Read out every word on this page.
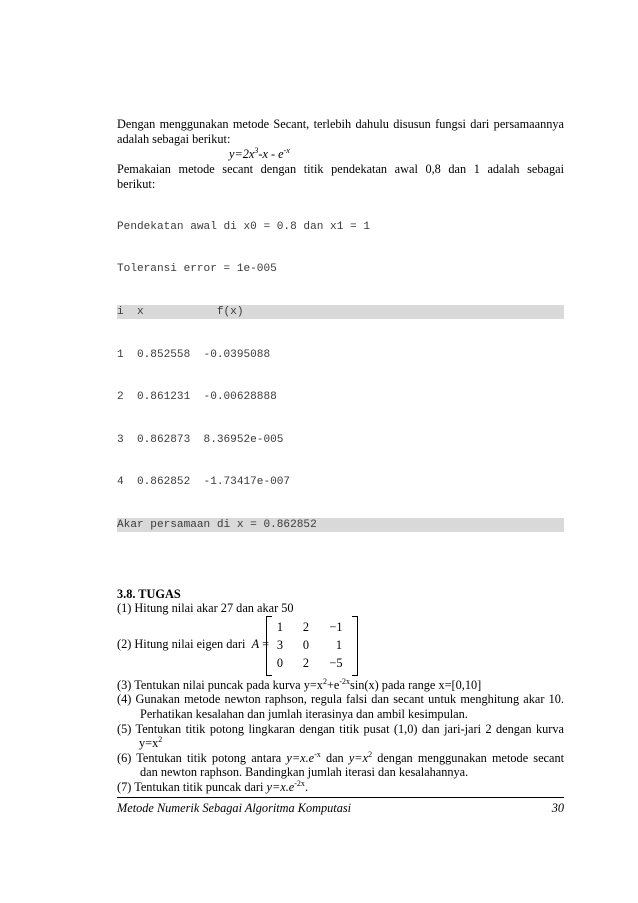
Dengan menggunakan metode Secant, terlebih dahulu disusun fungsi dari persamaannya
adalah sebagai berikut:
$y=2x^3-x - e^{-x}$
Pemakaian metode secant dengan titik pendekatan awal 0,8 dan 1 adalah sebagai
berikut:

Pendekatan awal di x0 = 0.8 dan x1 = 1

Toleransi error = 1e-005

i  x           f(x)

1  0.852558  -0.0395088

2  0.861231  -0.00628888

3  0.862873  8.36952e-005

4  0.862852  -1.73417e-007

Akar persamaan di x = 0.862852

3.8. TUGAS
(1) Hitung nilai akar 27 dan akar 50
(2) Hitung nilai eigen dari A =
1	2	−1
3	0	1
0	2	−5
(3) Tentukan nilai puncak pada kurva $y=x^2+e^{-2x}\sin(x)$ pada range x=[0,10]
(4) Gunakan metode newton raphson, regula falsi dan secant untuk menghitung akar 10.
Perhatikan kesalahan dan jumlah iterasinya dan ambil kesimpulan.
(5) Tentukan titik potong lingkaran dengan titik pusat (1,0) dan jari-jari 2 dengan kurva
$y=x^2$
(6) Tentukan titik potong antara $y=x.e^{-x}$ dan $y=x^2$ dengan menggunakan metode secant
dan newton raphson. Bandingkan jumlah iterasi dan kesalahannya.
(7) Tentukan titik puncak dari $y=x.e^{-2x}$.
Metode Numerik Sebagai Algoritma Komputasi	30
